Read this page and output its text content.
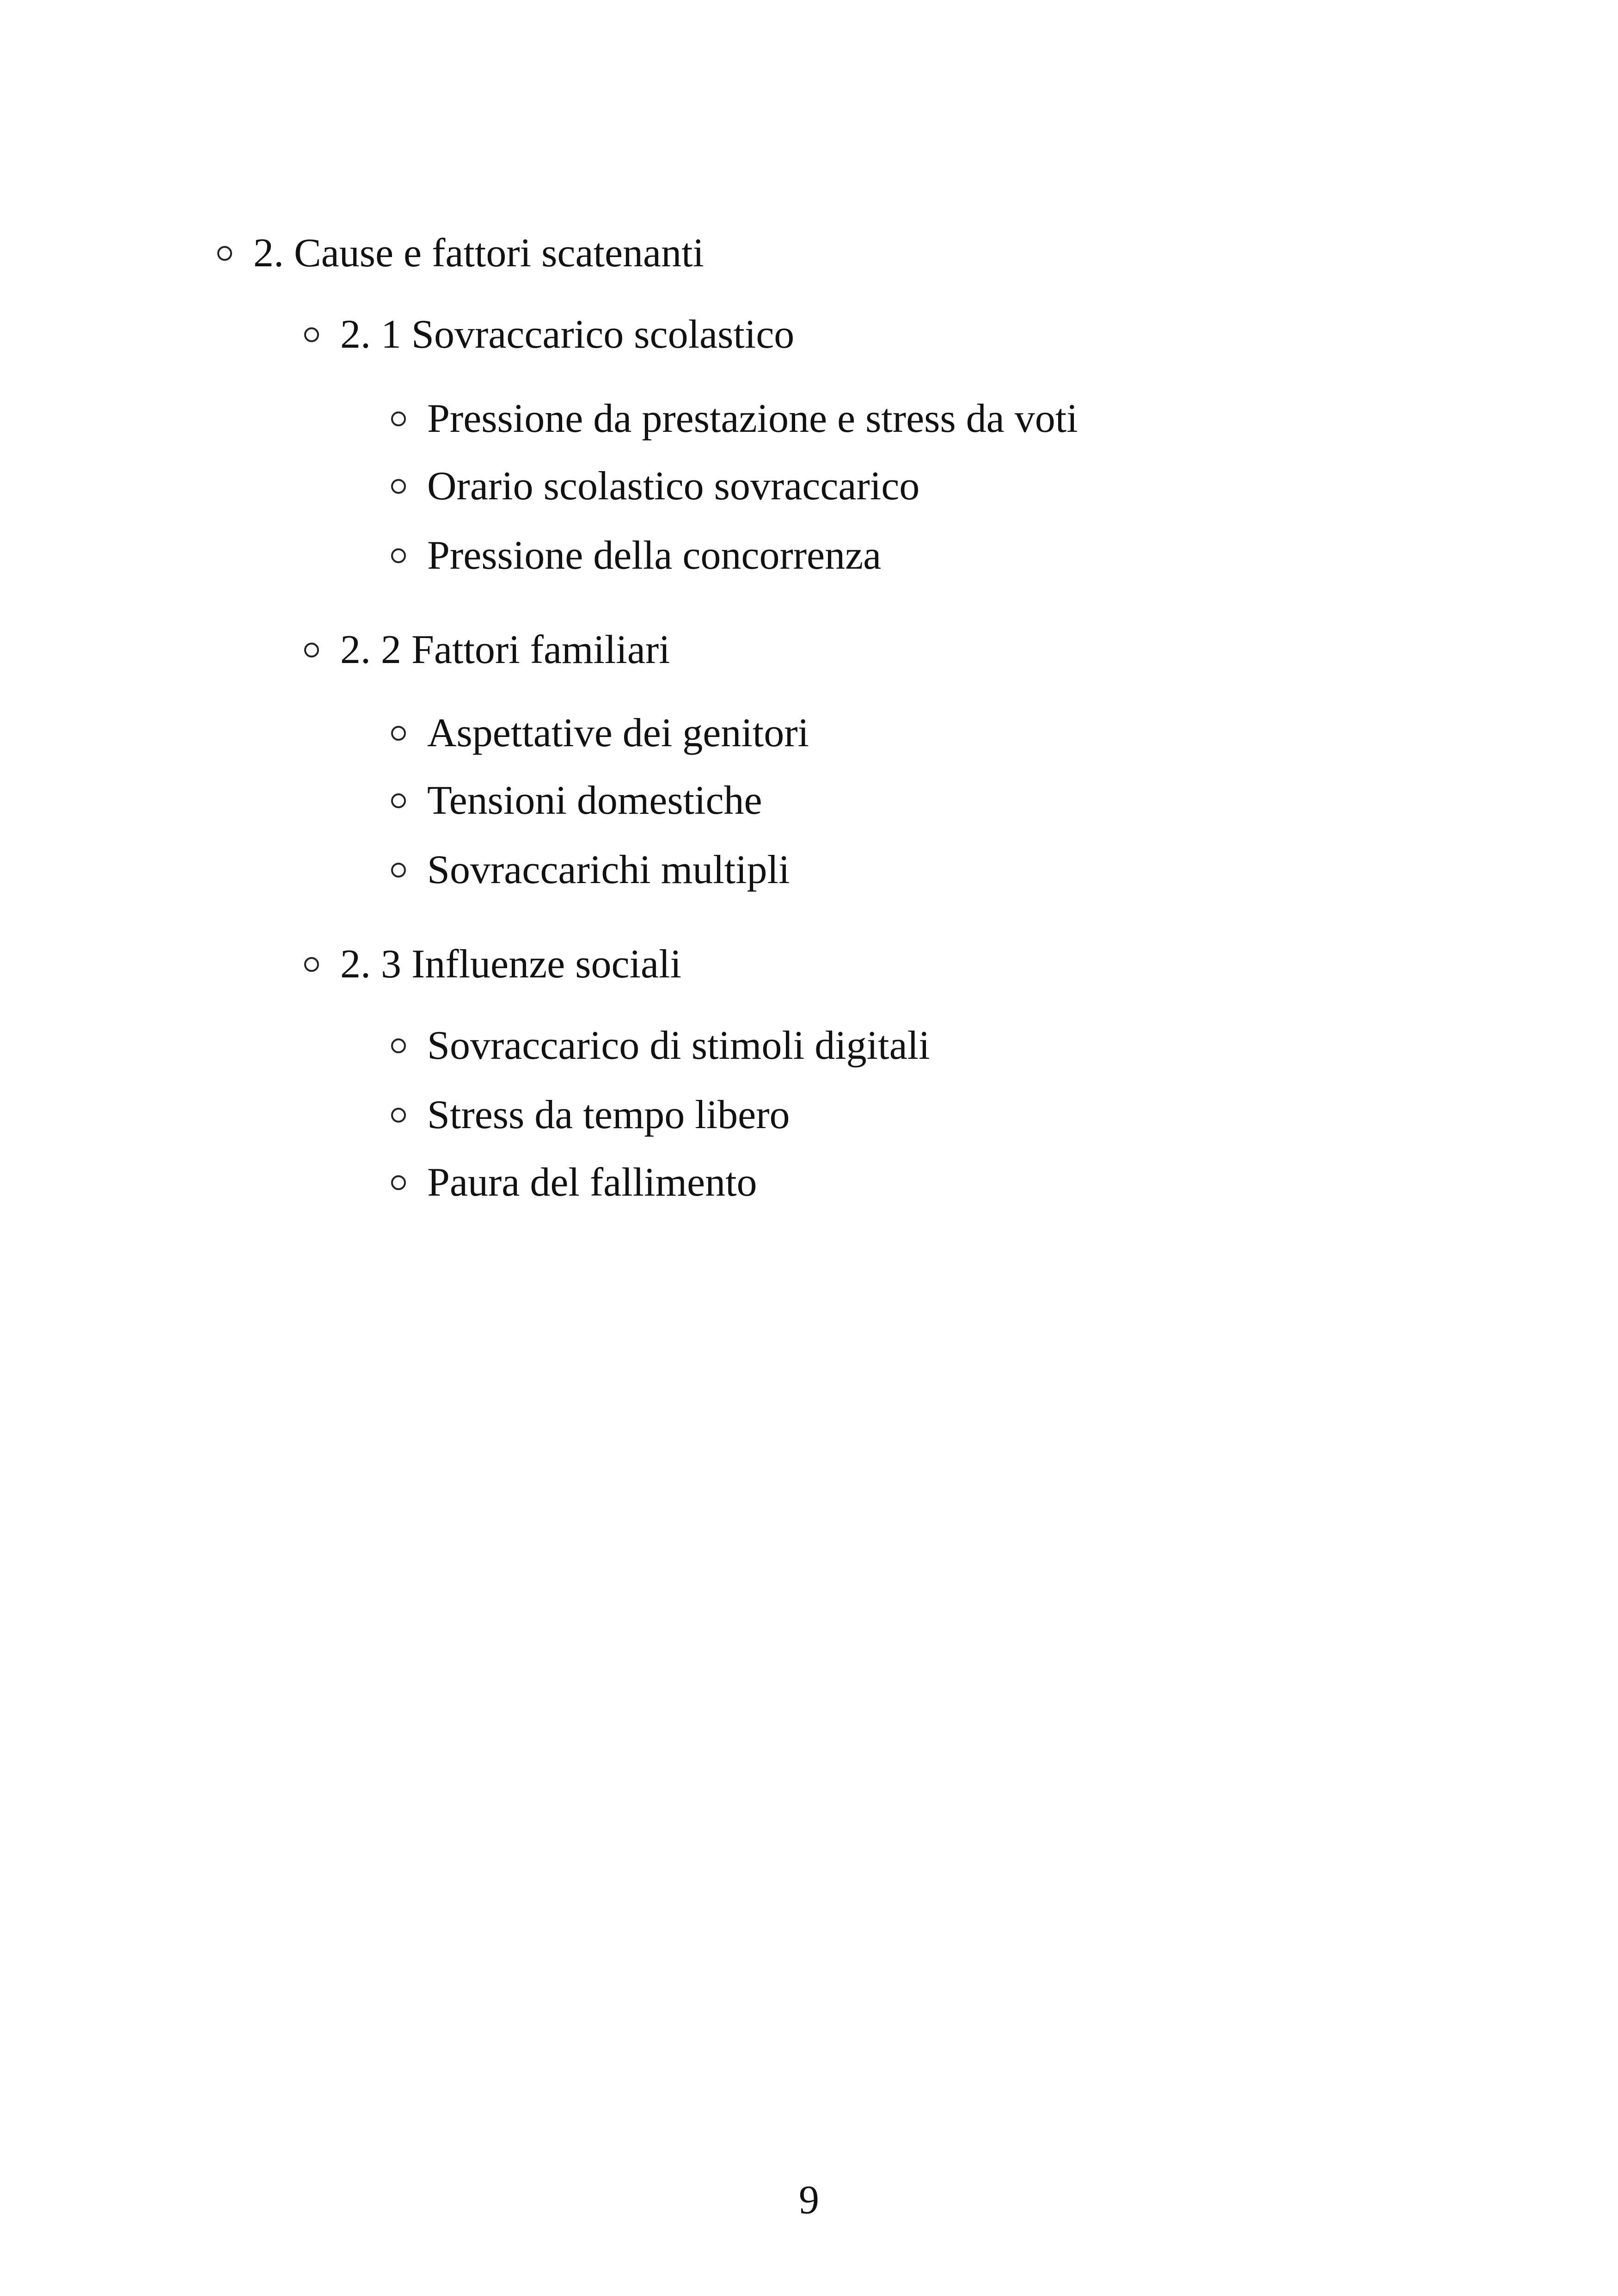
2. Cause e fattori scatenanti
2. 1 Sovraccarico scolastico
Pressione da prestazione e stress da voti
Orario scolastico sovraccarico
Pressione della concorrenza
2. 2 Fattori familiari
Aspettative dei genitori
Tensioni domestiche
Sovraccarichi multipli
2. 3 Influenze sociali
Sovraccarico di stimoli digitali
Stress da tempo libero
Paura del fallimento
9
